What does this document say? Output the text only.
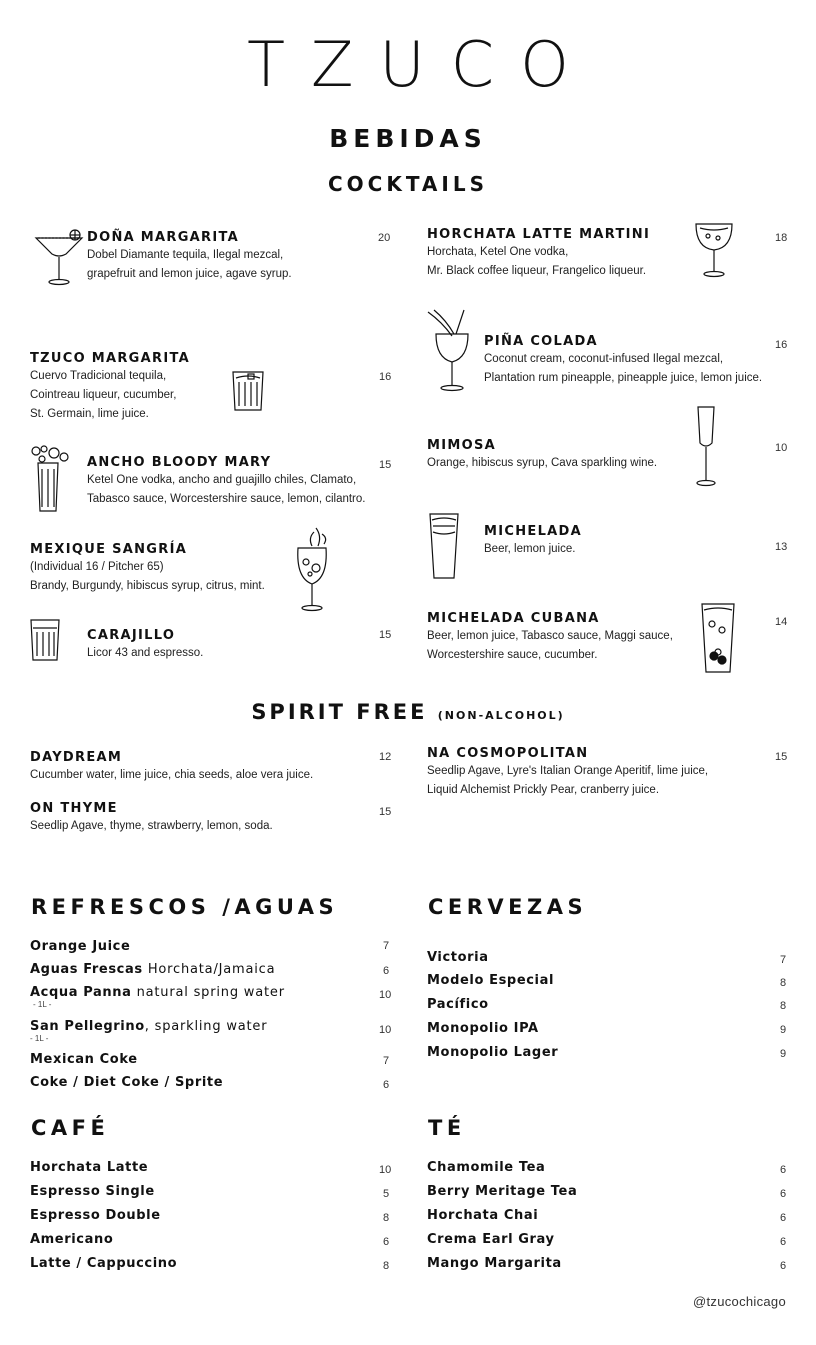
TZUCO
BEBIDAS
COCKTAILS
DOÑA MARGARITA
Dobel Diamante tequila, Ilegal mezcal,
grapefruit and lemon juice, agave syrup.
20
TZUCO MARGARITA
Cuervo Tradicional tequila,
Cointreau liqueur, cucumber,
St. Germain, lime juice.
16
ANCHO BLOODY MARY
Ketel One vodka, ancho and guajillo chiles, Clamato,
Tabasco sauce, Worcestershire sauce, lemon, cilantro.
15
MEXIQUE SANGRÍA
(Individual 16 / Pitcher 65)
Brandy, Burgundy, hibiscus syrup, citrus, mint.
CARAJILLO
Licor 43 and espresso.
15
HORCHATA LATTE MARTINI
Horchata, Ketel One vodka,
Mr. Black coffee liqueur, Frangelico liqueur.
18
PIÑA COLADA
Coconut cream, coconut-infused Ilegal mezcal,
Plantation rum pineapple, pineapple juice, lemon juice.
16
MIMOSA
Orange, hibiscus syrup, Cava sparkling wine.
10
MICHELADA
Beer, lemon juice.	13
MICHELADA CUBANA
Beer, lemon juice, Tabasco sauce, Maggi sauce,
Worcestershire sauce, cucumber.
14
SPIRIT FREE (NON-ALCOHOL)
DAYDREAM
Cucumber water, lime juice, chia seeds, aloe vera juice.
12
ON THYME
Seedlip Agave, thyme, strawberry, lemon, soda.
15
NA COSMOPOLITAN
Seedlip Agave, Lyre's Italian Orange Aperitif, lime juice,
Liquid Alchemist Prickly Pear, cranberry juice.
15
REFRESCOS /AGUAS
Orange Juice	7
Aguas Frescas Horchata/Jamaica	6
Acqua Panna natural spring water
- 1L -
10
San Pellegrino, sparkling water
- 1L -
10
Mexican Coke	7
Coke / Diet Coke / Sprite	6
CERVEZAS
Victoria	7
Modelo Especial	8
Pacífico	8
Monopolio IPA	9
Monopolio Lager	9
CAFÉ
Horchata Latte	10
Espresso Single	5
Espresso Double	8
Americano	6
Latte / Cappuccino	8
TÉ
Chamomile Tea	6
Berry Meritage Tea	6
Horchata Chai	6
Crema Earl Gray	6
Mango Margarita	6
@tzucochicago
